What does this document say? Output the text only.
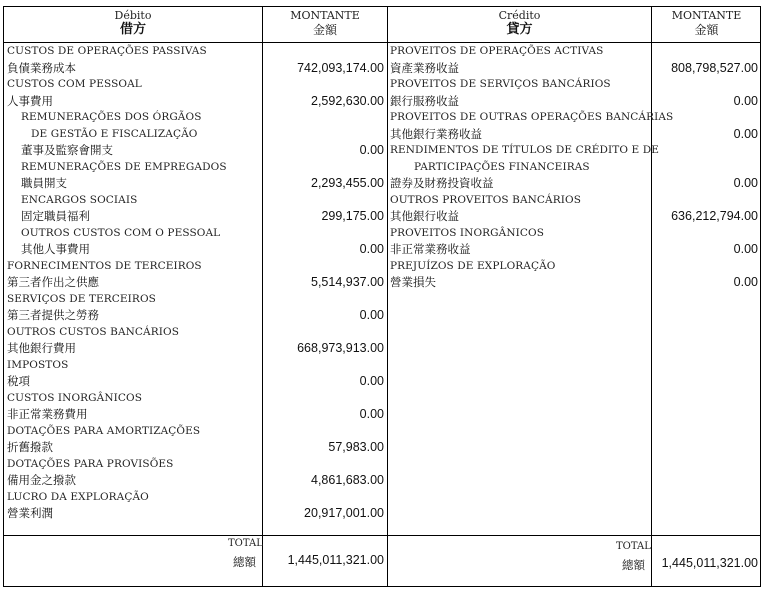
Débito
借方
MONTANTE
金額
Crédito
貸方
MONTANTE
金額
CUSTOS DE OPERAÇÕES PASSIVAS
負債業務成本	742,093,174.00
CUSTOS COM PESSOAL
人事費用	2,592,630.00
REMUNERAÇÕES DOS ÓRGÃOS
DE GESTÃO E FISCALIZAÇÃO
董事及監察會開支	0.00
REMUNERAÇÕES DE EMPREGADOS
職員開支	2,293,455.00
ENCARGOS SOCIAIS
固定職員福利	299,175.00
OUTROS CUSTOS COM O PESSOAL
其他人事費用	0.00
FORNECIMENTOS DE TERCEIROS
第三者作出之供應	5,514,937.00
SERVIÇOS DE TERCEIROS
第三者提供之勞務	0.00
OUTROS CUSTOS BANCÁRIOS
其他銀行費用	668,973,913.00
IMPOSTOS
稅項	0.00
CUSTOS INORGÂNICOS
非正常業務費用	0.00
DOTAÇÕES PARA AMORTIZAÇÕES
折舊撥款	57,983.00
DOTAÇÕES PARA PROVISÕES
備用金之撥款	4,861,683.00
LUCRO DA EXPLORAÇÃO
營業利潤	20,917,001.00
PROVEITOS DE OPERAÇÕES ACTIVAS
資產業務收益	808,798,527.00
PROVEITOS DE SERVIÇOS BANCÁRIOS
銀行服務收益	0.00
PROVEITOS DE OUTRAS OPERAÇÕES BANCÁRIAS
其他銀行業務收益	0.00
RENDIMENTOS DE TÍTULOS DE CRÉDITO E DE
PARTICIPAÇÕES FINANCEIRAS
證券及財務投資收益	0.00
OUTROS PROVEITOS BANCÁRIOS
其他銀行收益	636,212,794.00
PROVEITOS INORGÂNICOS
非正常業務收益	0.00
PREJUÍZOS DE EXPLORAÇÃO
營業損失	0.00
TOTAL
總額	1,445,011,321.00
TOTAL
總額	1,445,011,321.00
